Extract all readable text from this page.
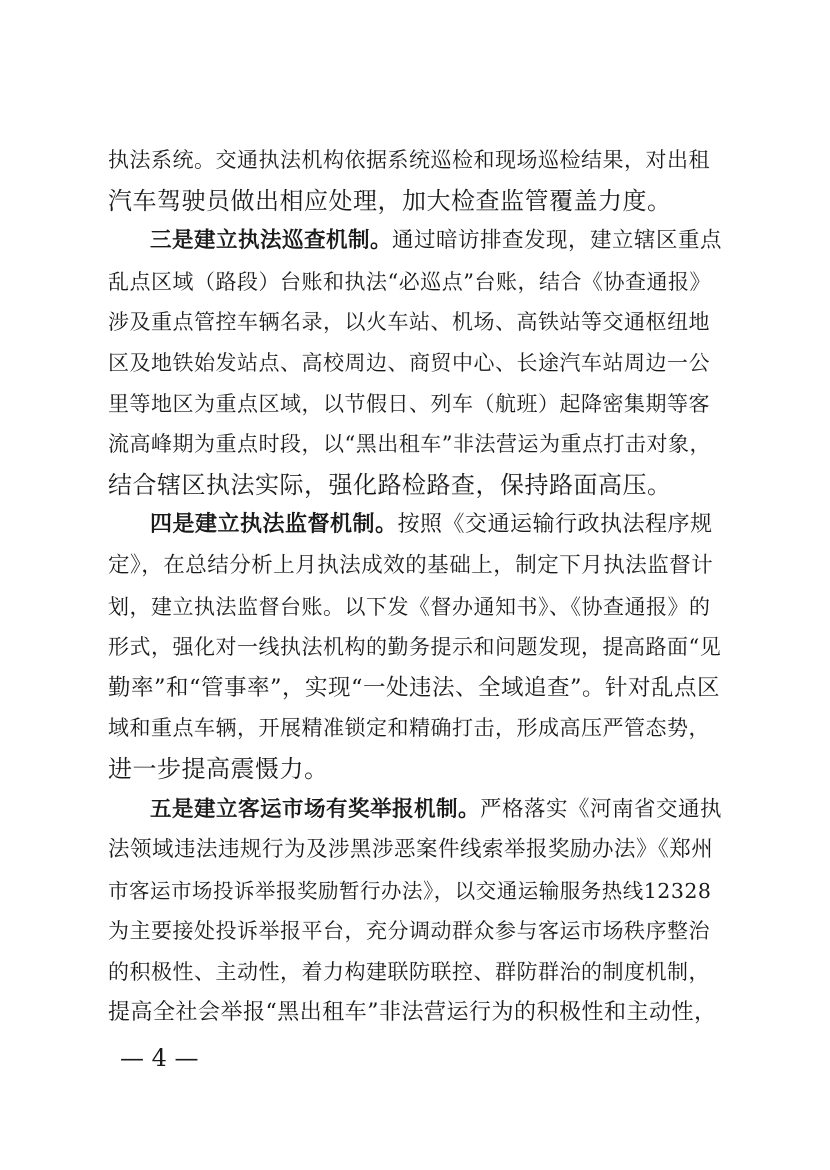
执法系统。交通执法机构依据系统巡检和现场巡检结果，对出租
汽车驾驶员做出相应处理，加大检查监管覆盖力度。
三是建立执法巡查机制。通过暗访排查发现，建立辖区重点
乱点区域（路段）台账和执法“必巡点”台账，结合《协查通报》
涉及重点管控车辆名录，以火车站、机场、高铁站等交通枢纽地
区及地铁始发站点、高校周边、商贸中心、长途汽车站周边一公
里等地区为重点区域，以节假日、列车（航班）起降密集期等客
流高峰期为重点时段，以“黑出租车”非法营运为重点打击对象，
结合辖区执法实际，强化路检路查，保持路面高压。
四是建立执法监督机制。按照《交通运输行政执法程序规
定》，在总结分析上月执法成效的基础上，制定下月执法监督计
划，建立执法监督台账。以下发《督办通知书》、《协查通报》的
形式，强化对一线执法机构的勤务提示和问题发现，提高路面“见
勤率”和“管事率”，实现“一处违法、全域追查”。针对乱点区
域和重点车辆，开展精准锁定和精确打击，形成高压严管态势，
进一步提高震慑力。
五是建立客运市场有奖举报机制。严格落实《河南省交通执
法领域违法违规行为及涉黑涉恶案件线索举报奖励办法》《郑州
市客运市场投诉举报奖励暂行办法》，以交通运输服务热线12328
为主要接处投诉举报平台，充分调动群众参与客运市场秩序整治
的积极性、主动性，着力构建联防联控、群防群治的制度机制，
提高全社会举报“黑出租车”非法营运行为的积极性和主动性，
— 4 —
